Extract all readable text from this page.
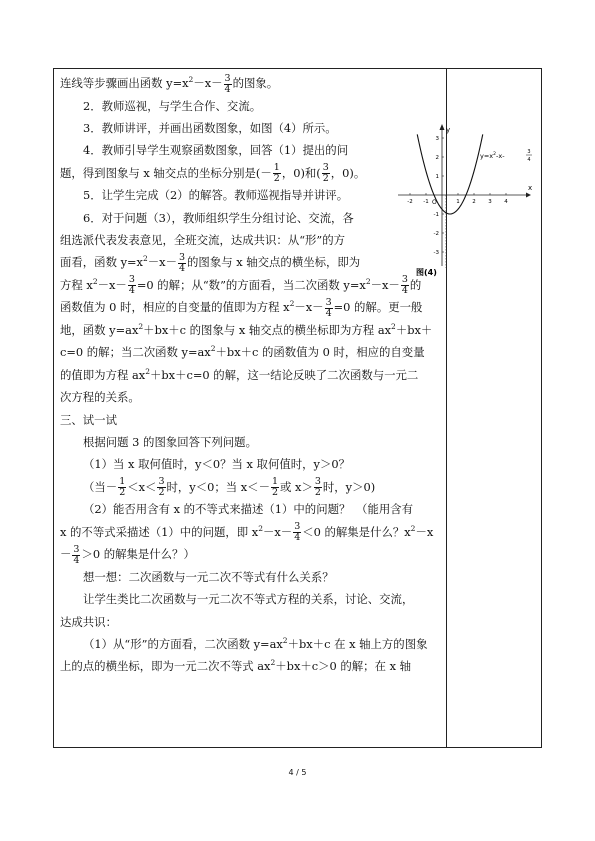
连线等步骤画出函数 $y=x^2-x- \frac{3}{4}$ 的图象。

2．教师巡视，与学生合作、交流。

3．教师讲评，并画出函数图象，如图（4）所示。

4．教师引导学生观察函数图象，回答（1）提出的问

题，得到图象与 x 轴交点的坐标分别是(－ $\frac{1}{2}$ ，0)和( $\frac{3}{2}$ ，0)。

5．让学生完成（2）的解答。教师巡视指导并讲评。

6．对于问题（3），教师组织学生分组讨论、交流，各

组选派代表发表意见，全班交流，达成共识：从“形”的方

面看，函数 $y=x^2-x- \frac{3}{4}$ 的图象与 x 轴交点的横坐标，即为

方程 $x^2-x- \frac{3}{4} =0$ 的解；从“数”的方面看，当二次函数 $y=x^2-x- \frac{3}{4}$ 的

函数值为 0 时，相应的自变量的值即为方程 $x^2-x- \frac{3}{4} =0$ 的解。更一般

地，函数 $y=ax^2+bx+c$ 的图象与 x 轴交点的横坐标即为方程 $ax^2+bx+$

c=0 的解；当二次函数 $y=ax^2+bx+c$ 的函数值为 0 时，相应的自变量

的值即为方程 $ax^2+bx+c=0$ 的解，这一结论反映了二次函数与一元二

次方程的关系。

三、试一试

根据问题 3 的图象回答下列问题。

（1）当 x 取何值时，y＜0？当 x 取何值时，y＞0？

（当－ $\frac{1}{2} <x< \frac{3}{2}$ 时，y＜0；当 $x<- \frac{1}{2}$ 或 $x> \frac{3}{2}$ 时，y＞0)

（2）能否用含有 x 的不等式来描述（1）中的问题？　（能用含有

x 的不等式采描述（1）中的问题，即 $x^2-x- \frac{3}{4} <0$ 的解集是什么？$x^2-x$

－ $\frac{3}{4} >0$ 的解集是什么？）

想一想：二次函数与一元二次不等式有什么关系？

让学生类比二次函数与一元二次不等式方程的关系，讨论、交流，

达成共识：

（1）从“形”的方面看，二次函数 $y=ax^2+bx+c$ 在 x 轴上方的图象

上的点的横坐标，即为一元二次不等式 $ax^2+bx+c>0$ 的解；在 x 轴

y
x
O
-2 -1	1 2 3 4
3
2
1
-1
-2
-3
$y=x^2-x-$	3
4
图(4)
4 / 5
